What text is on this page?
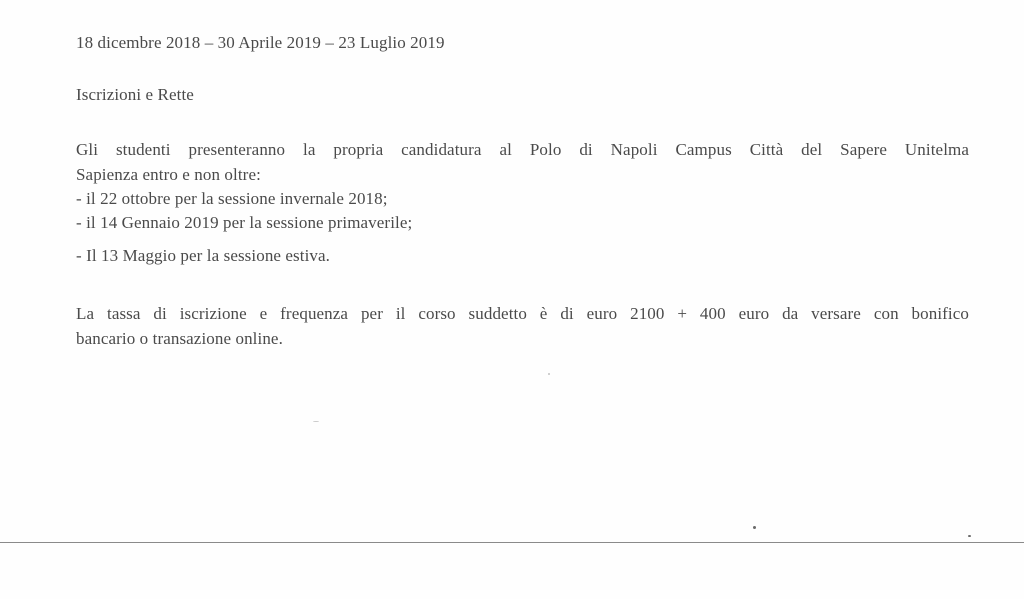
18 dicembre 2018 – 30 Aprile 2019 – 23 Luglio 2019
Iscrizioni e Rette
Gli studenti presenteranno la propria candidatura al Polo di Napoli Campus Città del Sapere Unitelma
Sapienza entro e non oltre:
- il 22 ottobre per la sessione invernale 2018;
- il 14 Gennaio 2019 per la sessione primaverile;
- Il 13 Maggio per la sessione estiva.
La tassa di iscrizione e frequenza per il corso suddetto è di euro 2100 + 400 euro da versare con bonifico
bancario o transazione online.
